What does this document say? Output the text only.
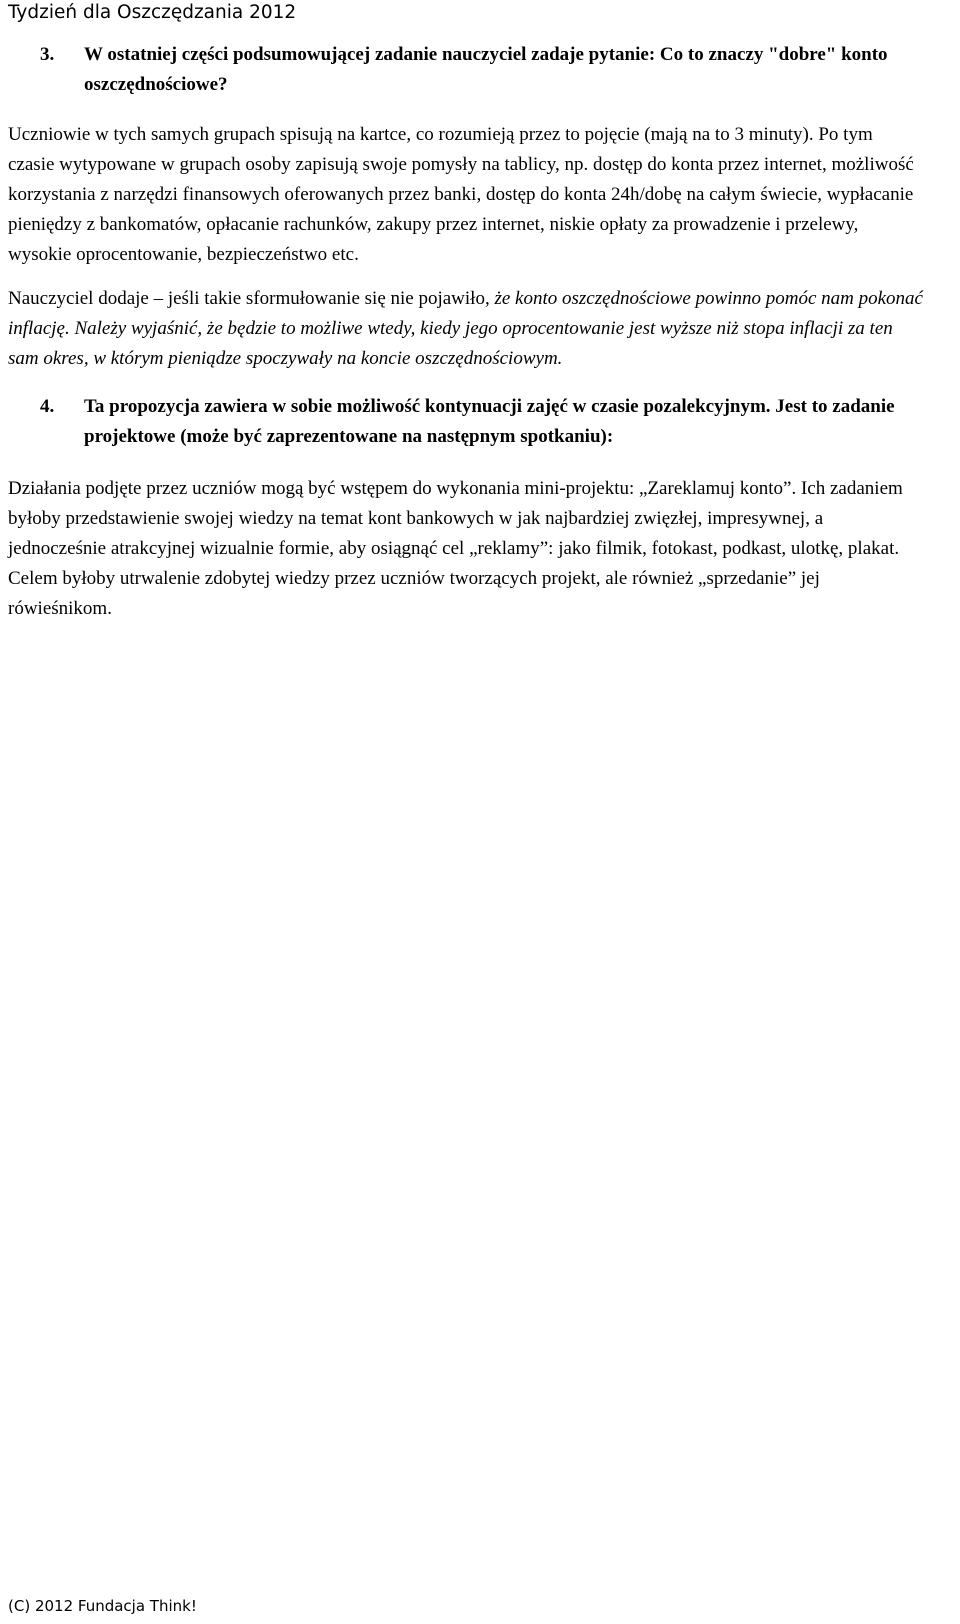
Tydzień dla Oszczędzania 2012
3.	W ostatniej części podsumowującej zadanie nauczyciel zadaje pytanie: Co to znaczy "dobre" konto oszczędnościowe?

Uczniowie w tych samych grupach spisują na kartce, co rozumieją przez to pojęcie (mają na to 3 minuty). Po tym czasie wytypowane w grupach osoby zapisują swoje pomysły na tablicy, np. dostęp do konta przez internet, możliwość korzystania z narzędzi finansowych oferowanych przez banki, dostęp do konta 24h/dobę na całym świecie, wypłacanie pieniędzy z bankomatów, opłacanie rachunków, zakupy przez internet, niskie opłaty za prowadzenie i przelewy, wysokie oprocentowanie, bezpieczeństwo etc.

Nauczyciel dodaje – jeśli takie sformułowanie się nie pojawiło, że konto oszczędnościowe powinno pomóc nam pokonać inflację. Należy wyjaśnić, że będzie to możliwe wtedy, kiedy jego oprocentowanie jest wyższe niż stopa inflacji za ten sam okres, w którym pieniądze spoczywały na koncie oszczędnościowym.

4.	Ta propozycja zawiera w sobie możliwość kontynuacji zajęć w czasie pozalekcyjnym. Jest to zadanie projektowe (może być zaprezentowane na następnym spotkaniu):

Działania podjęte przez uczniów mogą być wstępem do wykonania mini-projektu: „Zareklamuj konto”. Ich zadaniem byłoby przedstawienie swojej wiedzy na temat kont bankowych w jak najbardziej zwięzłej, impresywnej, a jednocześnie atrakcyjnej wizualnie formie, aby osiągnąć cel „reklamy”: jako filmik, fotokast, podkast, ulotkę, plakat. Celem byłoby utrwalenie zdobytej wiedzy przez uczniów tworzących projekt, ale również „sprzedanie” jej rówieśnikom.

(C) 2012 Fundacja Think!
